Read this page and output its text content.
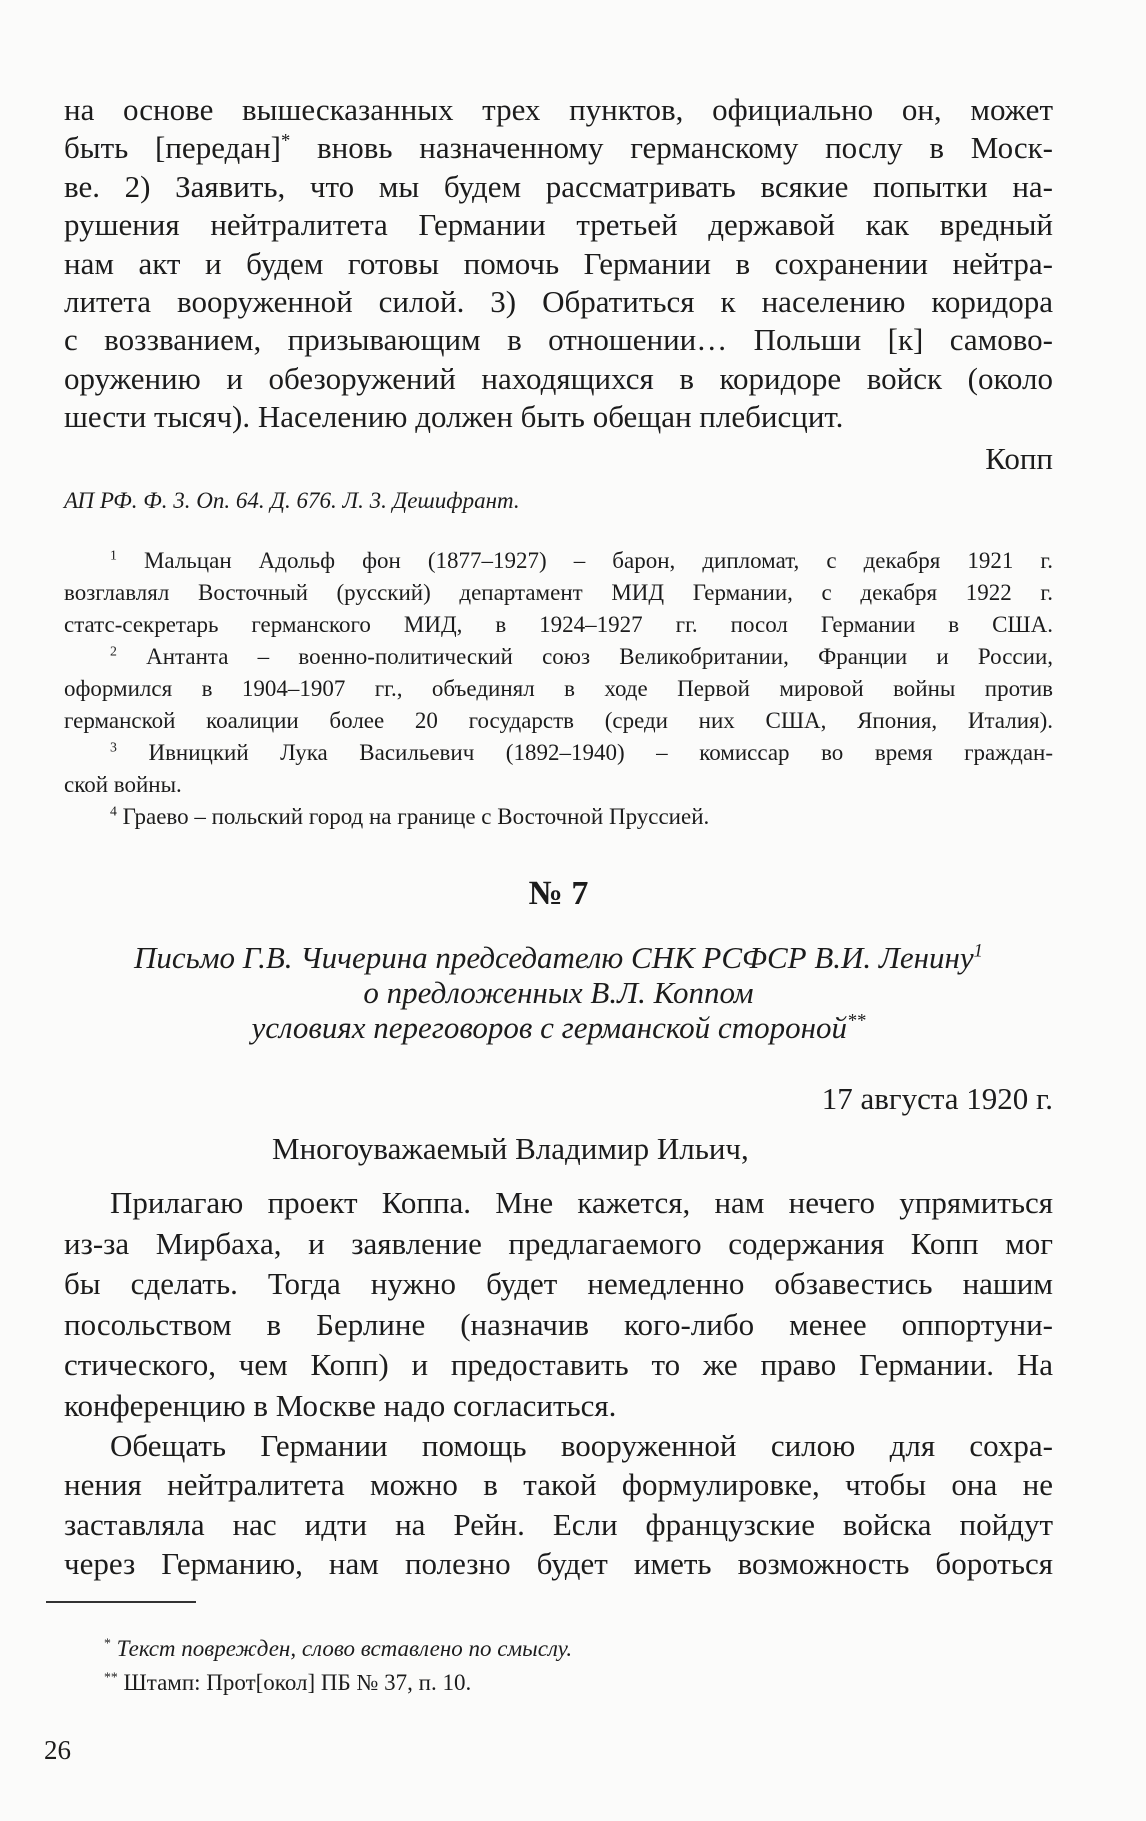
на основе вышесказанных трех пунктов, официально он, может
быть [передан]* вновь назначенному германскому послу в Моск-
ве. 2) Заявить, что мы будем рассматривать всякие попытки на-
рушения нейтралитета Германии третьей державой как вредный
нам акт и будем готовы помочь Германии в сохранении нейтра-
литета вооруженной силой. 3) Обратиться к населению коридора
с воззванием, призывающим в отношении… Польши [к] самово-
оружению и обезоружений находящихся в коридоре войск (около
шести тысяч). Населению должен быть обещан плебисцит.
Копп
АП РФ. Ф. 3. Оп. 64. Д. 676. Л. 3. Дешифрант.
$^1$ Мальцан Адольф фон (1877–1927) – барон, дипломат, с декабря 1921 г.
возглавлял Восточный (русский) департамент МИД Германии, с декабря 1922 г.
статс-секретарь германского МИД, в 1924–1927 гг. посол Германии в США.
$^2$ Антанта – военно-политический союз Великобритании, Франции и России,
оформился в 1904–1907 гг., объединял в ходе Первой мировой войны против
германской коалиции более 20 государств (среди них США, Япония, Италия).
$^3$ Ивницкий Лука Васильевич (1892–1940) – комиссар во время граждан-
ской войны.
$^4$ Граево – польский город на границе с Восточной Пруссией.
№ 7
Письмо Г.В. Чичерина председателю СНК РСФСР В.И. Ленину$^1$
о предложенных В.Л. Коппом
условиях переговоров с германской стороной**
17 августа 1920 г.
Многоуважаемый Владимир Ильич,
Прилагаю проект Коппа. Мне кажется, нам нечего упрямиться
из-за Мирбаха, и заявление предлагаемого содержания Копп мог
бы сделать. Тогда нужно будет немедленно обзавестись нашим
посольством в Берлине (назначив кого-либо менее оппортуни-
стического, чем Копп) и предоставить то же право Германии. На
конференцию в Москве надо согласиться.
Обещать Германии помощь вооруженной силою для сохра-
нения нейтралитета можно в такой формулировке, чтобы она не
заставляла нас идти на Рейн. Если французские войска пойдут
через Германию, нам полезно будет иметь возможность бороться
* Текст поврежден, слово вставлено по смыслу.
** Штамп: Прот[окол] ПБ № 37, п. 10.
26
